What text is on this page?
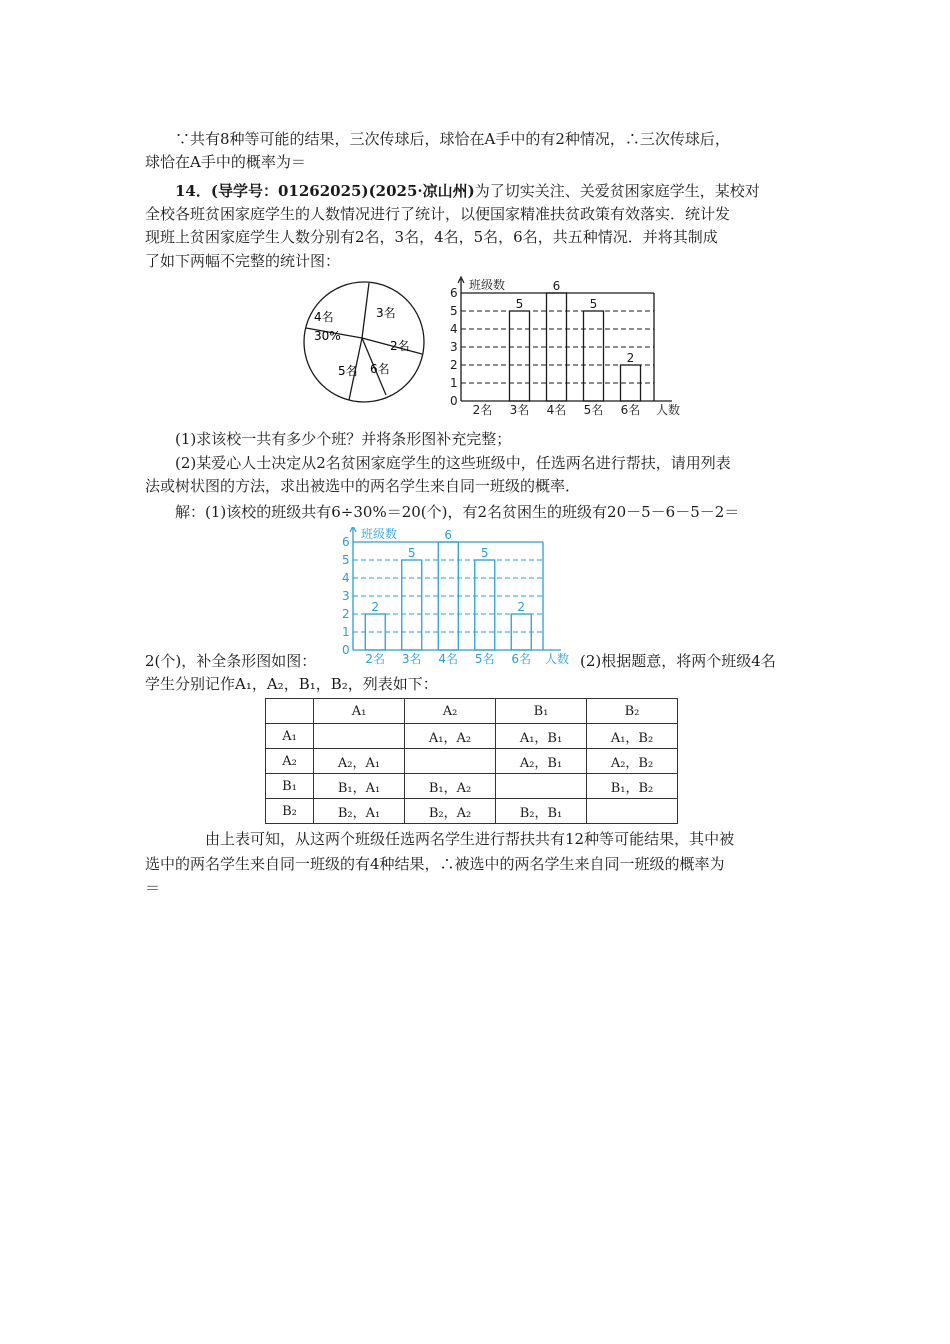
∵共有8种等可能的结果，三次传球后，球恰在A手中的有2种情况，∴三次传球后，
球恰在A手中的概率为＝
14．(导学号：01262025)(2025·凉山州)为了切实关注、关爱贫困家庭学生，某校对
全校各班贫困家庭学生的人数情况进行了统计，以便国家精准扶贫政策有效落实．统计发
现班上贫困家庭学生人数分别有2名，3名，4名，5名，6名，共五种情况．并将其制成
了如下两幅不完整的统计图：
3名
2名
6名
5名
4名
30%
0
1
2
3
4
5
6
班级数
人数
2名
5
3名
6
4名
5
5名
2
6名
(1)求该校一共有多少个班？并将条形图补充完整；
(2)某爱心人士决定从2名贫困家庭学生的这些班级中，任选两名进行帮扶，请用列表
法或树状图的方法，求出被选中的两名学生来自同一班级的概率．
解：(1)该校的班级共有6÷30%＝20(个)，有2名贫困生的班级有20－5－6－5－2＝
0
1
2
3
4
5
6
班级数
人数
2
2名
5
3名
6
4名
5
5名
2
6名
2(个)，补全条形图如图：	(2)根据题意，将两个班级4名
学生分别记作A₁，A₂，B₁，B₂，列表如下：
	A₁	A₂	B₁	B₂
A₁		A₁，A₂	A₁，B₁	A₁，B₂
A₂	A₂，A₁		A₂，B₁	A₂，B₂
B₁	B₁，A₁	B₁，A₂		B₁，B₂
B₂	B₂，A₁	B₂，A₂	B₂，B₁	
由上表可知，从这两个班级任选两名学生进行帮扶共有12种等可能结果，其中被
选中的两名学生来自同一班级的有4种结果，∴被选中的两名学生来自同一班级的概率为
＝
